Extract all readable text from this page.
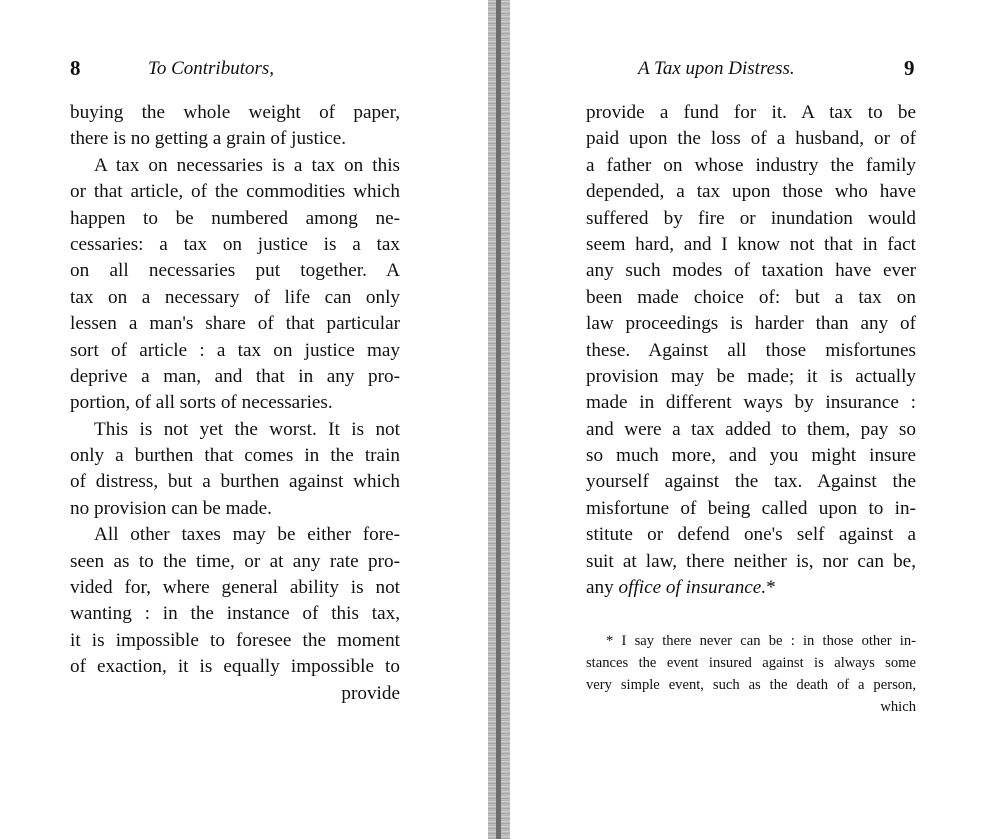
8	To Contributors,
buying the whole weight of paper,
there is no getting a grain of justice.
A tax on necessaries is a tax on this
or that article, of the commodities which
happen to be numbered among ne-
cessaries: a tax on justice is a tax
on all necessaries put together. A
tax on a necessary of life can only
lessen a man's share of that particular
sort of article : a tax on justice may
deprive a man, and that in any pro-
portion, of all sorts of necessaries.
This is not yet the worst. It is not
only a burthen that comes in the train
of distress, but a burthen against which
no provision can be made.
All other taxes may be either fore-
seen as to the time, or at any rate pro-
vided for, where general ability is not
wanting : in the instance of this tax,
it is impossible to foresee the moment
of exaction, it is equally impossible to
provide
A Tax upon Distress.	9
provide a fund for it. A tax to be
paid upon the loss of a husband, or of
a father on whose industry the family
depended, a tax upon those who have
suffered by fire or inundation would
seem hard, and I know not that in fact
any such modes of taxation have ever
been made choice of: but a tax on
law proceedings is harder than any of
these. Against all those misfortunes
provision may be made; it is actually
made in different ways by insurance :
and were a tax added to them, pay so
so much more, and you might insure
yourself against the tax. Against the
misfortune of being called upon to in-
stitute or defend one's self against a
suit at law, there neither is, nor can be,
any office of insurance.*
* I say there never can be : in those other in-
stances the event insured against is always some
very simple event, such as the death of a person,
which
